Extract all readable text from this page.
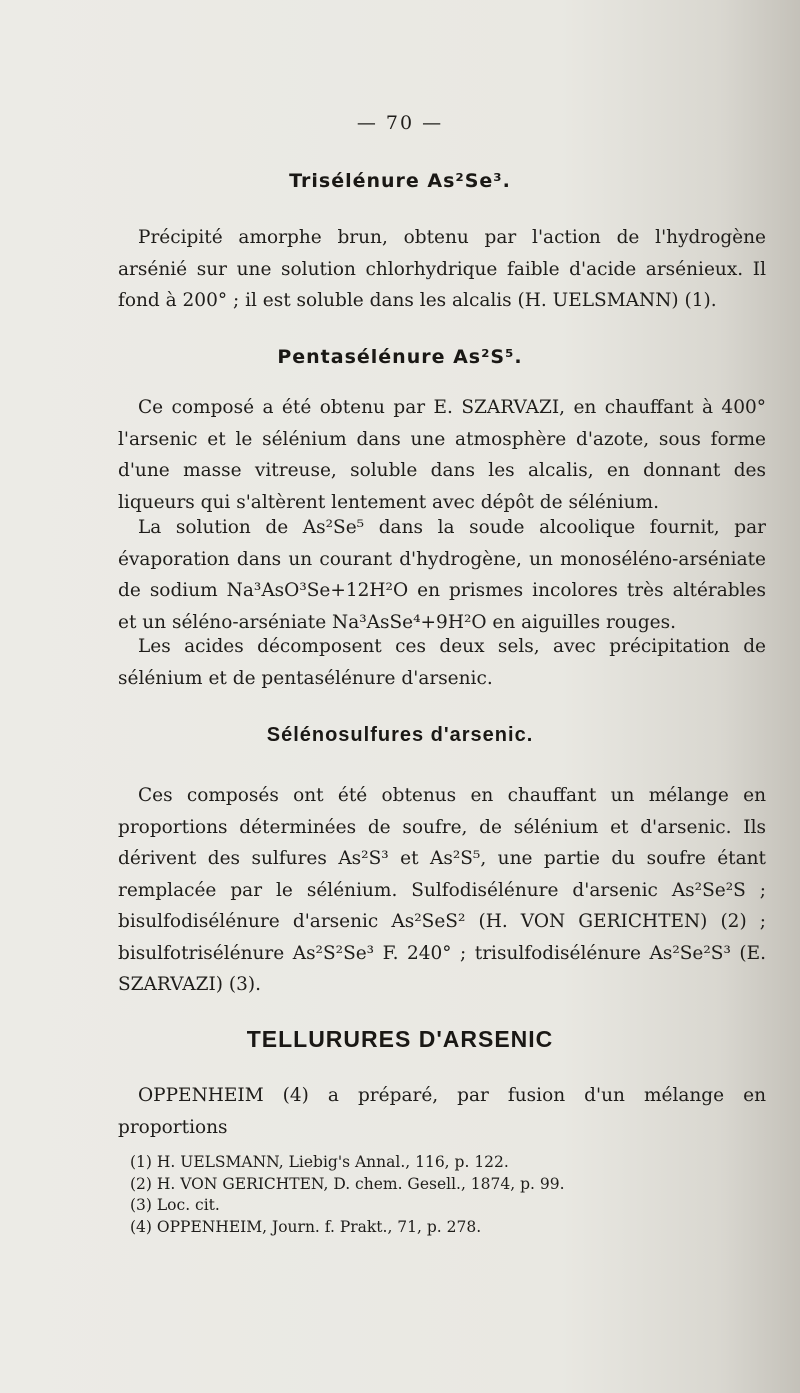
— 70 —
Trisélénure As²Se³.

Précipité amorphe brun, obtenu par l'action de l'hydrogène arsénié sur une solution chlorhydrique faible d'acide arsénieux. Il fond à 200° ; il est soluble dans les alcalis (H. UELSMANN) (1).

Pentasélénure As²S⁵.

Ce composé a été obtenu par E. SZARVAZI, en chauffant à 400° l'arsenic et le sélénium dans une atmosphère d'azote, sous forme d'une masse vitreuse, soluble dans les alcalis, en donnant des liqueurs qui s'altèrent lentement avec dépôt de sélénium.

La solution de As²Se⁵ dans la soude alcoolique fournit, par évaporation dans un courant d'hydrogène, un monoséléno-arséniate de sodium Na³AsO³Se+12H²O en prismes incolores très altérables et un séléno-arséniate Na³AsSe⁴+9H²O en aiguilles rouges.

Les acides décomposent ces deux sels, avec précipitation de sélénium et de pentasélénure d'arsenic.

Sélénosulfures d'arsenic.

Ces composés ont été obtenus en chauffant un mélange en proportions déterminées de soufre, de sélénium et d'arsenic. Ils dérivent des sulfures As²S³ et As²S⁵, une partie du soufre étant remplacée par le sélénium. Sulfodisélénure d'arsenic As²Se²S ; bisulfodisélénure d'arsenic As²SeS² (H. VON GERICHTEN) (2) ; bisulfotrisélénure As²S²Se³ F. 240° ; trisulfodisélénure As²Se²S³ (E. SZARVAZI) (3).

TELLURURES D'ARSENIC

OPPENHEIM (4) a préparé, par fusion d'un mélange en proportions

(1) H. UELSMANN, Liebig's Annal., 116, p. 122.
(2) H. VON GERICHTEN, D. chem. Gesell., 1874, p. 99.
(3) Loc. cit.
(4) OPPENHEIM, Journ. f. Prakt., 71, p. 278.
